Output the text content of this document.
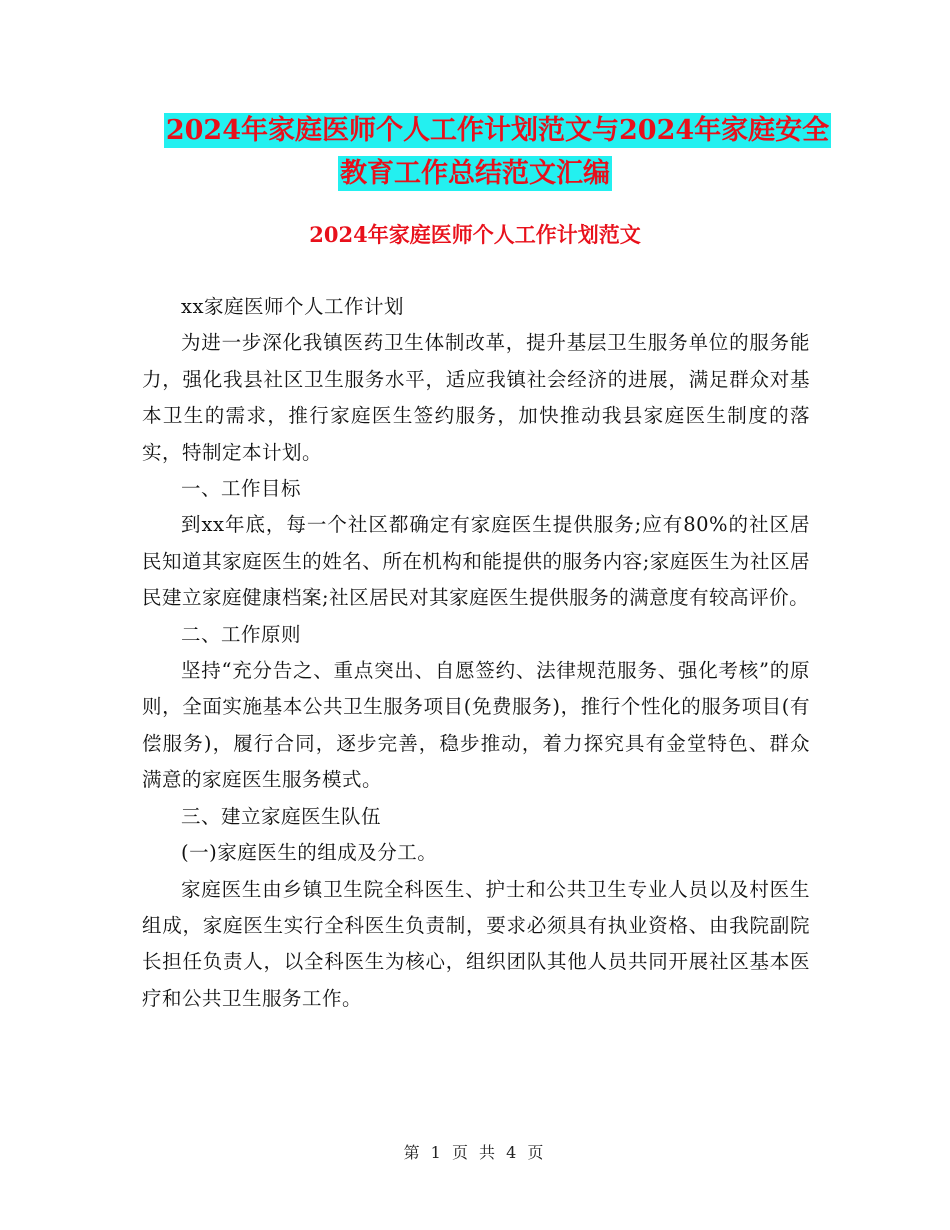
2024年家庭医师个人工作计划范文与2024年家庭安全
教育工作总结范文汇编
2024年家庭医师个人工作计划范文

xx家庭医师个人工作计划

为进一步深化我镇医药卫生体制改革，提升基层卫生服务单位的服务能力，强化我县社区卫生服务水平，适应我镇社会经济的进展，满足群众对基本卫生的需求，推行家庭医生签约服务，加快推动我县家庭医生制度的落实，特制定本计划。

一、工作目标

到xx年底，每一个社区都确定有家庭医生提供服务;应有80%的社区居民知道其家庭医生的姓名、所在机构和能提供的服务内容;家庭医生为社区居民建立家庭健康档案;社区居民对其家庭医生提供服务的满意度有较高评价。

二、工作原则

坚持“充分告之、重点突出、自愿签约、法律规范服务、强化考核”的原则，全面实施基本公共卫生服务项目(免费服务)，推行个性化的服务项目(有偿服务)，履行合同，逐步完善，稳步推动，着力探究具有金堂特色、群众满意的家庭医生服务模式。

三、建立家庭医生队伍

(一)家庭医生的组成及分工。

家庭医生由乡镇卫生院全科医生、护士和公共卫生专业人员以及村医生组成，家庭医生实行全科医生负责制，要求必须具有执业资格、由我院副院长担任负责人，以全科医生为核心，组织团队其他人员共同开展社区基本医疗和公共卫生服务工作。

第 1 页 共 4 页
